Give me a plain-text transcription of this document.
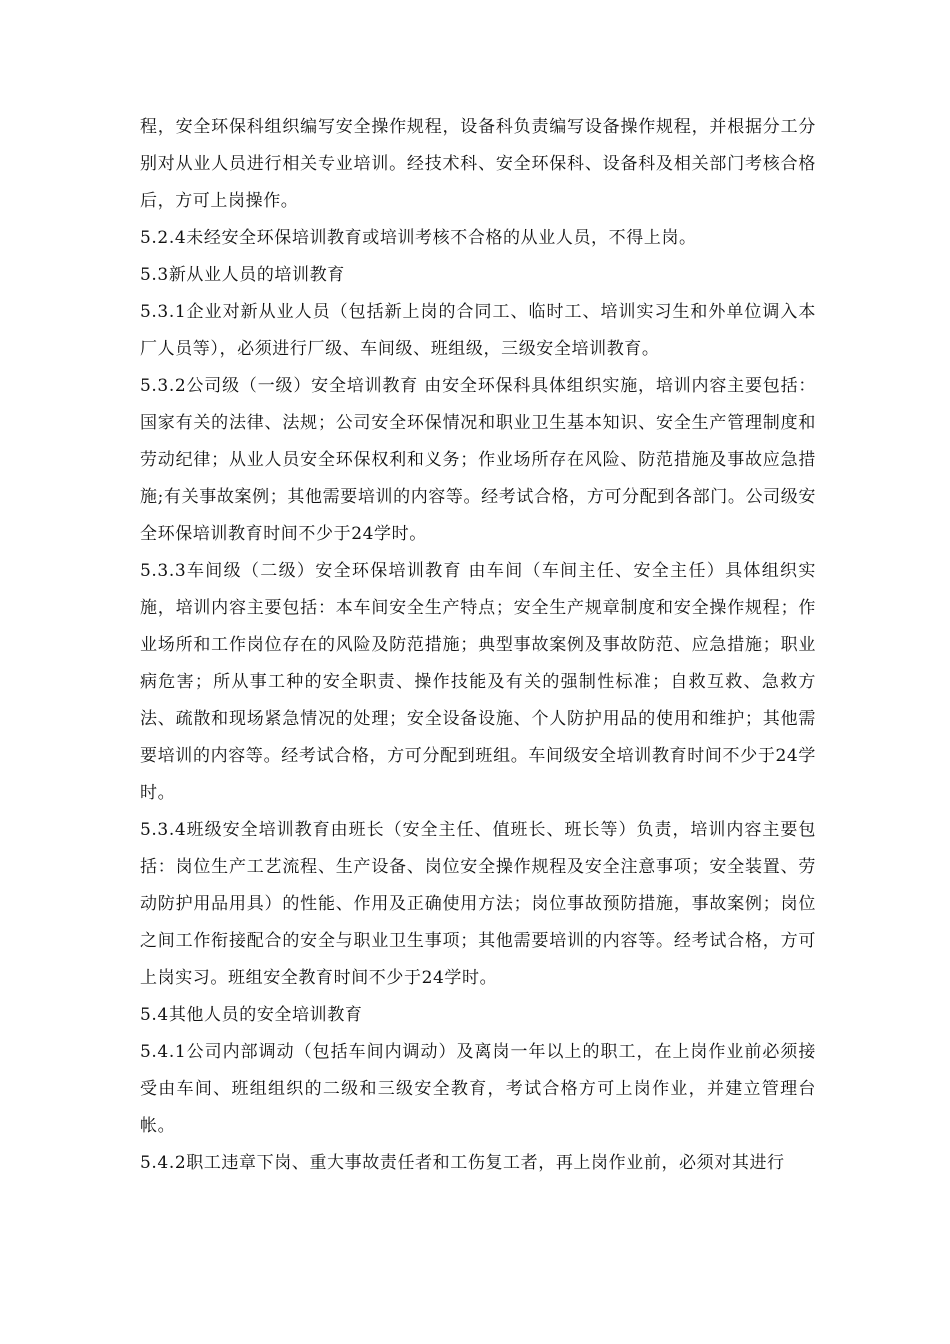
程，安全环保科组织编写安全操作规程，设备科负责编写设备操作规程，并根据分工分别对从业人员进行相关专业培训。经技术科、安全环保科、设备科及相关部门考核合格后，方可上岗操作。

5.2.4未经安全环保培训教育或培训考核不合格的从业人员，不得上岗。

5.3新从业人员的培训教育

5.3.1企业对新从业人员（包括新上岗的合同工、临时工、培训实习生和外单位调入本厂人员等），必须进行厂级、车间级、班组级，三级安全培训教育。

5.3.2公司级（一级）安全培训教育 由安全环保科具体组织实施，培训内容主要包括：国家有关的法律、法规；公司安全环保情况和职业卫生基本知识、安全生产管理制度和劳动纪律；从业人员安全环保权利和义务；作业场所存在风险、防范措施及事故应急措施;有关事故案例；其他需要培训的内容等。经考试合格，方可分配到各部门。公司级安全环保培训教育时间不少于24学时。

5.3.3车间级（二级）安全环保培训教育 由车间（车间主任、安全主任）具体组织实施，培训内容主要包括：本车间安全生产特点；安全生产规章制度和安全操作规程；作业场所和工作岗位存在的风险及防范措施；典型事故案例及事故防范、应急措施；职业病危害；所从事工种的安全职责、操作技能及有关的强制性标准；自救互救、急救方法、疏散和现场紧急情况的处理；安全设备设施、个人防护用品的使用和维护；其他需要培训的内容等。经考试合格，方可分配到班组。车间级安全培训教育时间不少于24学时。

5.3.4班级安全培训教育由班长（安全主任、值班长、班长等）负责，培训内容主要包括：岗位生产工艺流程、生产设备、岗位安全操作规程及安全注意事项；安全装置、劳动防护用品用具）的性能、作用及正确使用方法；岗位事故预防措施，事故案例；岗位之间工作衔接配合的安全与职业卫生事项；其他需要培训的内容等。经考试合格，方可上岗实习。班组安全教育时间不少于24学时。

5.4其他人员的安全培训教育

5.4.1公司内部调动（包括车间内调动）及离岗一年以上的职工，在上岗作业前必须接受由车间、班组组织的二级和三级安全教育，考试合格方可上岗作业，并建立管理台帐。

5.4.2职工违章下岗、重大事故责任者和工伤复工者，再上岗作业前，必须对其进行
